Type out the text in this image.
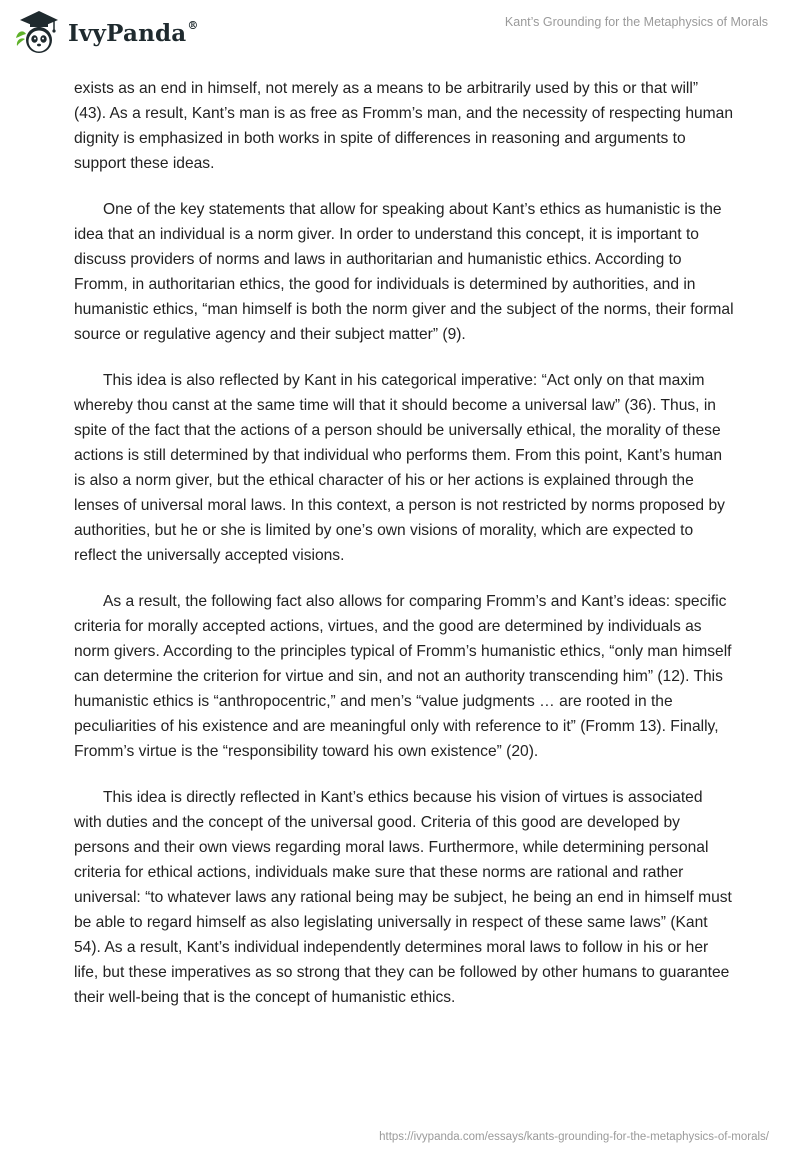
IvyPanda®	Kant’s Grounding for the Metaphysics of Morals

exists as an end in himself, not merely as a means to be arbitrarily used by this or that will” (43). As a result, Kant’s man is as free as Fromm’s man, and the necessity of respecting human dignity is emphasized in both works in spite of differences in reasoning and arguments to support these ideas.

One of the key statements that allow for speaking about Kant’s ethics as humanistic is the idea that an individual is a norm giver. In order to understand this concept, it is important to discuss providers of norms and laws in authoritarian and humanistic ethics. According to Fromm, in authoritarian ethics, the good for individuals is determined by authorities, and in humanistic ethics, “man himself is both the norm giver and the subject of the norms, their formal source or regulative agency and their subject matter” (9).

This idea is also reflected by Kant in his categorical imperative: “Act only on that maxim whereby thou canst at the same time will that it should become a universal law” (36). Thus, in spite of the fact that the actions of a person should be universally ethical, the morality of these actions is still determined by that individual who performs them. From this point, Kant’s human is also a norm giver, but the ethical character of his or her actions is explained through the lenses of universal moral laws. In this context, a person is not restricted by norms proposed by authorities, but he or she is limited by one’s own visions of morality, which are expected to reflect the universally accepted visions.

As a result, the following fact also allows for comparing Fromm’s and Kant’s ideas: specific criteria for morally accepted actions, virtues, and the good are determined by individuals as norm givers. According to the principles typical of Fromm’s humanistic ethics, “only man himself can determine the criterion for virtue and sin, and not an authority transcending him” (12). This humanistic ethics is “anthropocentric,” and men’s “value judgments … are rooted in the peculiarities of his existence and are meaningful only with reference to it” (Fromm 13). Finally, Fromm’s virtue is the “responsibility toward his own existence” (20).

This idea is directly reflected in Kant’s ethics because his vision of virtues is associated with duties and the concept of the universal good. Criteria of this good are developed by persons and their own views regarding moral laws. Furthermore, while determining personal criteria for ethical actions, individuals make sure that these norms are rational and rather universal: “to whatever laws any rational being may be subject, he being an end in himself must be able to regard himself as also legislating universally in respect of these same laws” (Kant 54). As a result, Kant’s individual independently determines moral laws to follow in his or her life, but these imperatives as so strong that they can be followed by other humans to guarantee their well-being that is the concept of humanistic ethics.

https://ivypanda.com/essays/kants-grounding-for-the-metaphysics-of-morals/
